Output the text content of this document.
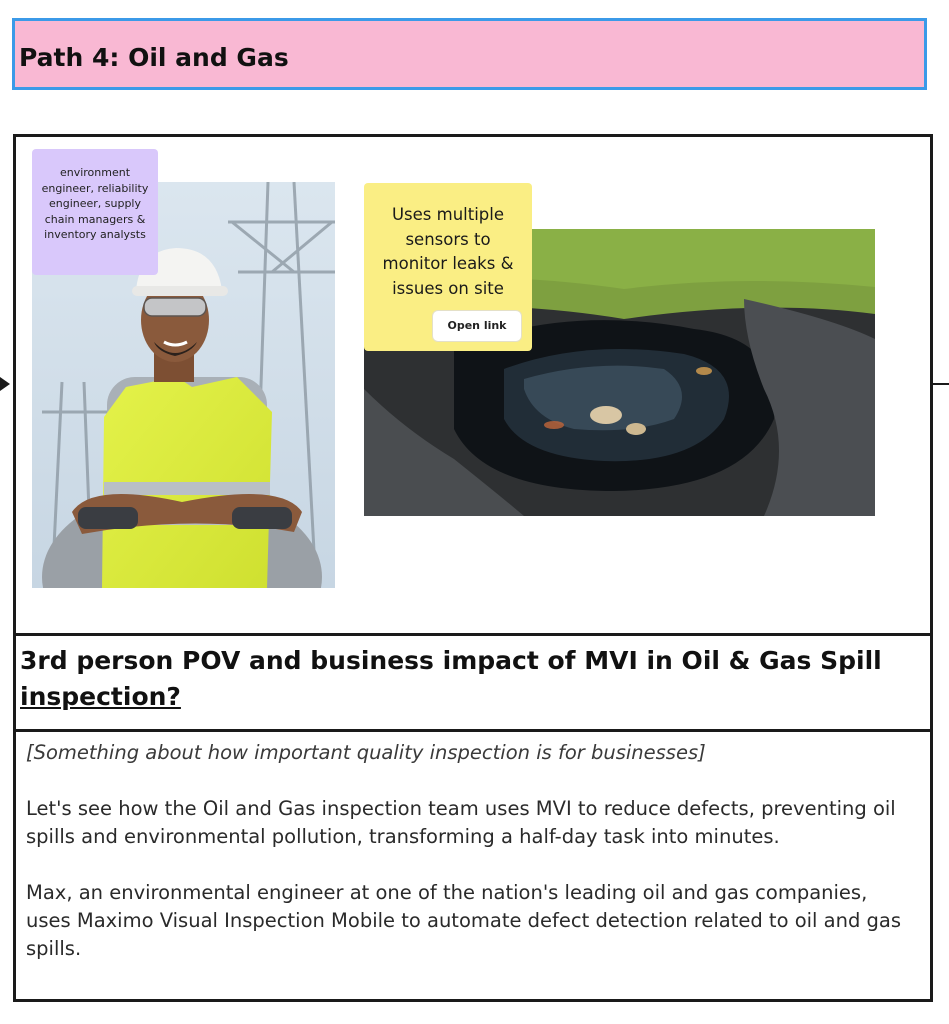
Path 4: Oil and Gas
environment engineer, reliability engineer, supply chain managers & inventory analysts
Uses multiple sensors to monitor leaks & issues on site
Open link
3rd person POV and business impact of MVI in Oil & Gas Spill
inspection?

[Something about how important quality inspection is for businesses]

Let's see how the Oil and Gas inspection team uses MVI to reduce defects, preventing oil spills and environmental pollution, transforming a half-day task into minutes.

Max, an environmental engineer at one of the nation's leading oil and gas companies, uses Maximo Visual Inspection Mobile to automate defect detection related to oil and gas spills.
